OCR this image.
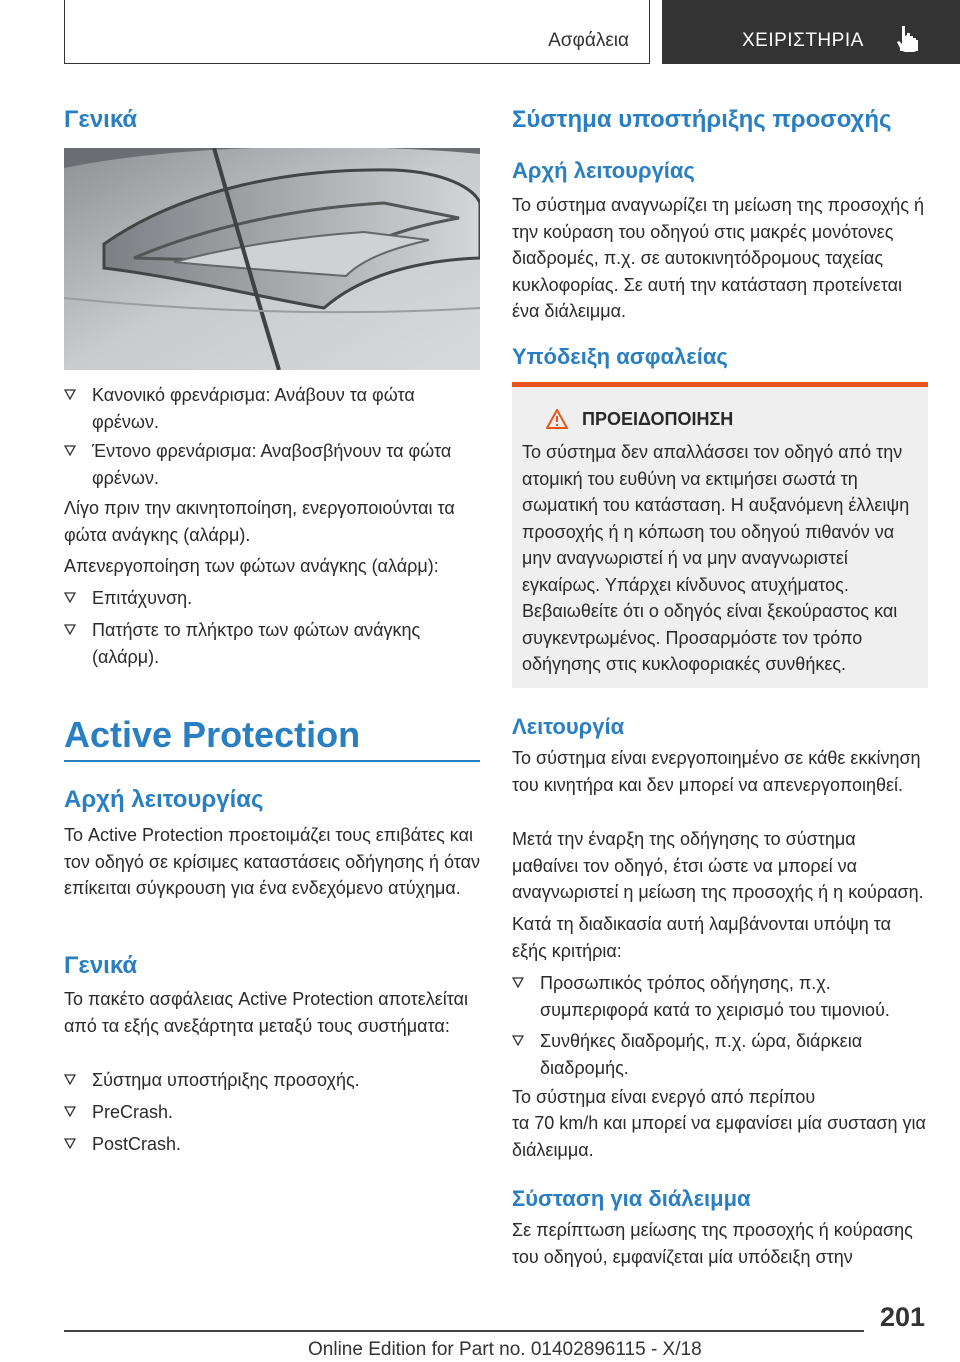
Ασφάλεια	ΧΕΙΡΙΣΤΗΡΙΑ
Γενικά
Κανονικό φρενάρισμα: Ανάβουν τα φώτα φρένων.
Έντονο φρενάρισμα: Αναβοσβήνουν τα φώτα φρένων.
Λίγο πριν την ακινητοποίηση, ενεργοποιούνται τα φώτα ανάγκης (αλάρμ).
Απενεργοποίηση των φώτων ανάγκης (αλάρμ):
Επιτάχυνση.
Πατήστε το πλήκτρο των φώτων ανάγκης (αλάρμ).
Active Protection
Αρχή λειτουργίας
Το Active Protection προετοιμάζει τους επιβάτες και τον οδηγό σε κρίσιμες καταστάσεις οδήγησης ή όταν επίκειται σύγκρουση για ένα ενδεχόμενο ατύχημα.
Γενικά
Το πακέτο ασφάλειας Active Protection αποτελείται από τα εξής ανεξάρτητα μεταξύ τους συστήματα:
Σύστημα υποστήριξης προσοχής.
PreCrash.
PostCrash.
Σύστημα υποστήριξης προσοχής
Αρχή λειτουργίας
Το σύστημα αναγνωρίζει τη μείωση της προσοχής ή την κούραση του οδηγού στις μακρές μονότονες διαδρομές, π.χ. σε αυτοκινητόδρομους ταχείας κυκλοφορίας. Σε αυτή την κατάσταση προτείνεται ένα διάλειμμα.
Υπόδειξη ασφαλείας
ΠΡΟΕΙΔΟΠΟΙΗΣΗ
Το σύστημα δεν απαλλάσσει τον οδηγό από την ατομική του ευθύνη να εκτιμήσει σωστά τη σωματική του κατάσταση. Η αυξανόμενη έλλειψη προσοχής ή η κόπωση του οδηγού πιθανόν να μην αναγνωριστεί ή να μην αναγνωριστεί εγκαίρως. Υπάρχει κίνδυνος ατυχήματος. Βεβαιωθείτε ότι ο οδηγός είναι ξεκούραστος και συγκεντρωμένος. Προσαρμόστε τον τρόπο οδήγησης στις κυκλοφοριακές συνθήκες.
Λειτουργία
Το σύστημα είναι ενεργοποιημένο σε κάθε εκκίνηση του κινητήρα και δεν μπορεί να απενεργοποιηθεί.
Μετά την έναρξη της οδήγησης το σύστημα μαθαίνει τον οδηγό, έτσι ώστε να μπορεί να αναγνωριστεί η μείωση της προσοχής ή η κούραση.
Κατά τη διαδικασία αυτή λαμβάνονται υπόψη τα εξής κριτήρια:
Προσωπικός τρόπος οδήγησης, π.χ. συμπεριφορά κατά το χειρισμό του τιμονιού.
Συνθήκες διαδρομής, π.χ. ώρα, διάρκεια διαδρομής.
Το σύστημα είναι ενεργό από περίπου
τα 70 km/h και μπορεί να εμφανίσει μία συσταση για διάλειμμα.
Σύσταση για διάλειμμα
Σε περίπτωση μείωσης της προσοχής ή κούρασης του οδηγού, εμφανίζεται μία υπόδειξη στην
201
Online Edition for Part no. 01402896115 - X/18
